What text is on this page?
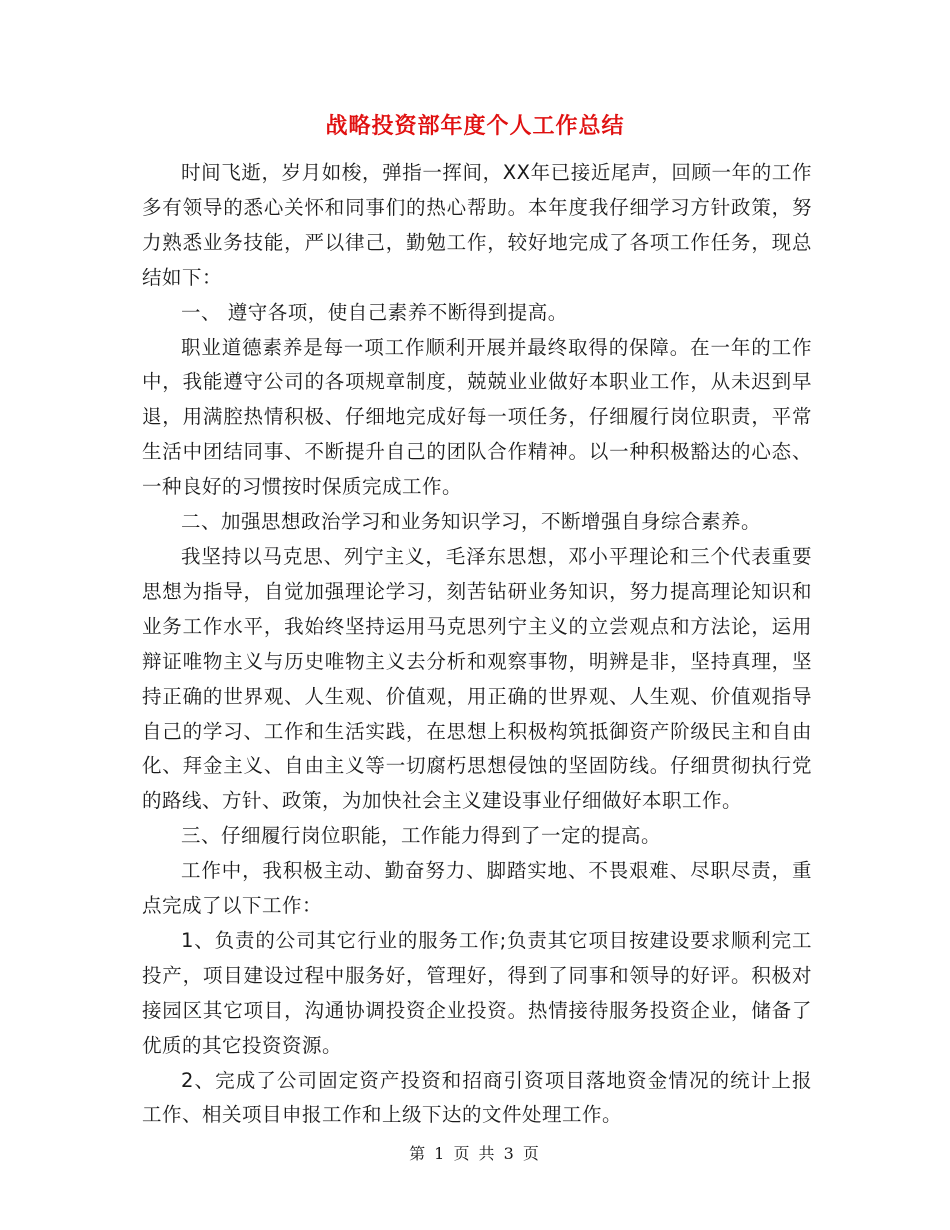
战略投资部年度个人工作总结

时间飞逝，岁月如梭，弹指一挥间，XX年已接近尾声，回顾一年的工作多有领导的悉心关怀和同事们的热心帮助。本年度我仔细学习方针政策，努力熟悉业务技能，严以律己，勤勉工作，较好地完成了各项工作任务，现总结如下：

一、 遵守各项，使自己素养不断得到提高。

职业道德素养是每一项工作顺利开展并最终取得的保障。在一年的工作中，我能遵守公司的各项规章制度，兢兢业业做好本职业工作，从未迟到早退，用满腔热情积极、仔细地完成好每一项任务，仔细履行岗位职责，平常生活中团结同事、不断提升自己的团队合作精神。以一种积极豁达的心态、一种良好的习惯按时保质完成工作。

二、加强思想政治学习和业务知识学习，不断增强自身综合素养。

我坚持以马克思、列宁主义，毛泽东思想，邓小平理论和三个代表重要思想为指导，自觉加强理论学习，刻苦钻研业务知识，努力提高理论知识和业务工作水平，我始终坚持运用马克思列宁主义的立尝观点和方法论，运用辩证唯物主义与历史唯物主义去分析和观察事物，明辨是非，坚持真理，坚持正确的世界观、人生观、价值观，用正确的世界观、人生观、价值观指导自己的学习、工作和生活实践，在思想上积极构筑抵御资产阶级民主和自由化、拜金主义、自由主义等一切腐朽思想侵蚀的坚固防线。仔细贯彻执行党的路线、方针、政策，为加快社会主义建设事业仔细做好本职工作。

三、仔细履行岗位职能，工作能力得到了一定的提高。

工作中，我积极主动、勤奋努力、脚踏实地、不畏艰难、尽职尽责，重点完成了以下工作：

1、负责的公司其它行业的服务工作;负责其它项目按建设要求顺利完工投产，项目建设过程中服务好，管理好，得到了同事和领导的好评。积极对接园区其它项目，沟通协调投资企业投资。热情接待服务投资企业，储备了优质的其它投资资源。

2、完成了公司固定资产投资和招商引资项目落地资金情况的统计上报工作、相关项目申报工作和上级下达的文件处理工作。

第 1 页 共 3 页
